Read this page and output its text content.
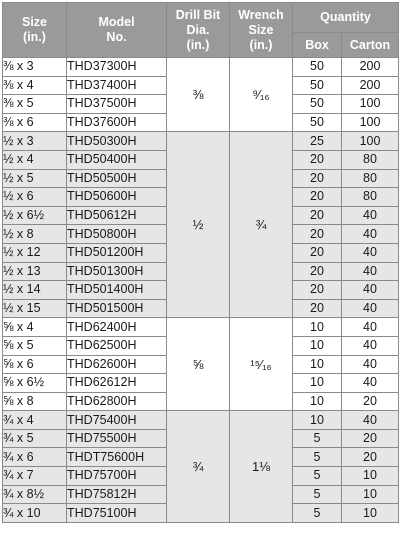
Size
(in.)	Model
No.	Drill Bit
Dia.
(in.)	Wrench
Size
(in.)	Quantity	
				Box	Carton
⅜ x 3	THD37300H	⅜	⁹⁄₁₆	50	200
⅜ x 4	THD37400H			50	200
⅜ x 5	THD37500H			50	100
⅜ x 6	THD37600H			50	100
½ x 3	THD50300H	½	¾	25	100
½ x 4	THD50400H			20	80
½ x 5	THD50500H			20	80
½ x 6	THD50600H			20	80
½ x 6½	THD50612H			20	40
½ x 8	THD50800H			20	40
½ x 12	THD501200H			20	40
½ x 13	THD501300H			20	40
½ x 14	THD501400H			20	40
½ x 15	THD501500H			20	40
⅝ x 4	THD62400H	⅝	¹⁵⁄₁₆	10	40
⅝ x 5	THD62500H			10	40
⅝ x 6	THD62600H			10	40
⅝ x 6½	THD62612H			10	40
⅝ x 8	THD62800H			10	20
¾ x 4	THD75400H	¾	1⅛	10	40
¾ x 5	THD75500H			5	20
¾ x 6	THDT75600H			5	20
¾ x 7	THD75700H			5	10
¾ x 8½	THD75812H			5	10
¾ x 10	THD75100H			5	10
